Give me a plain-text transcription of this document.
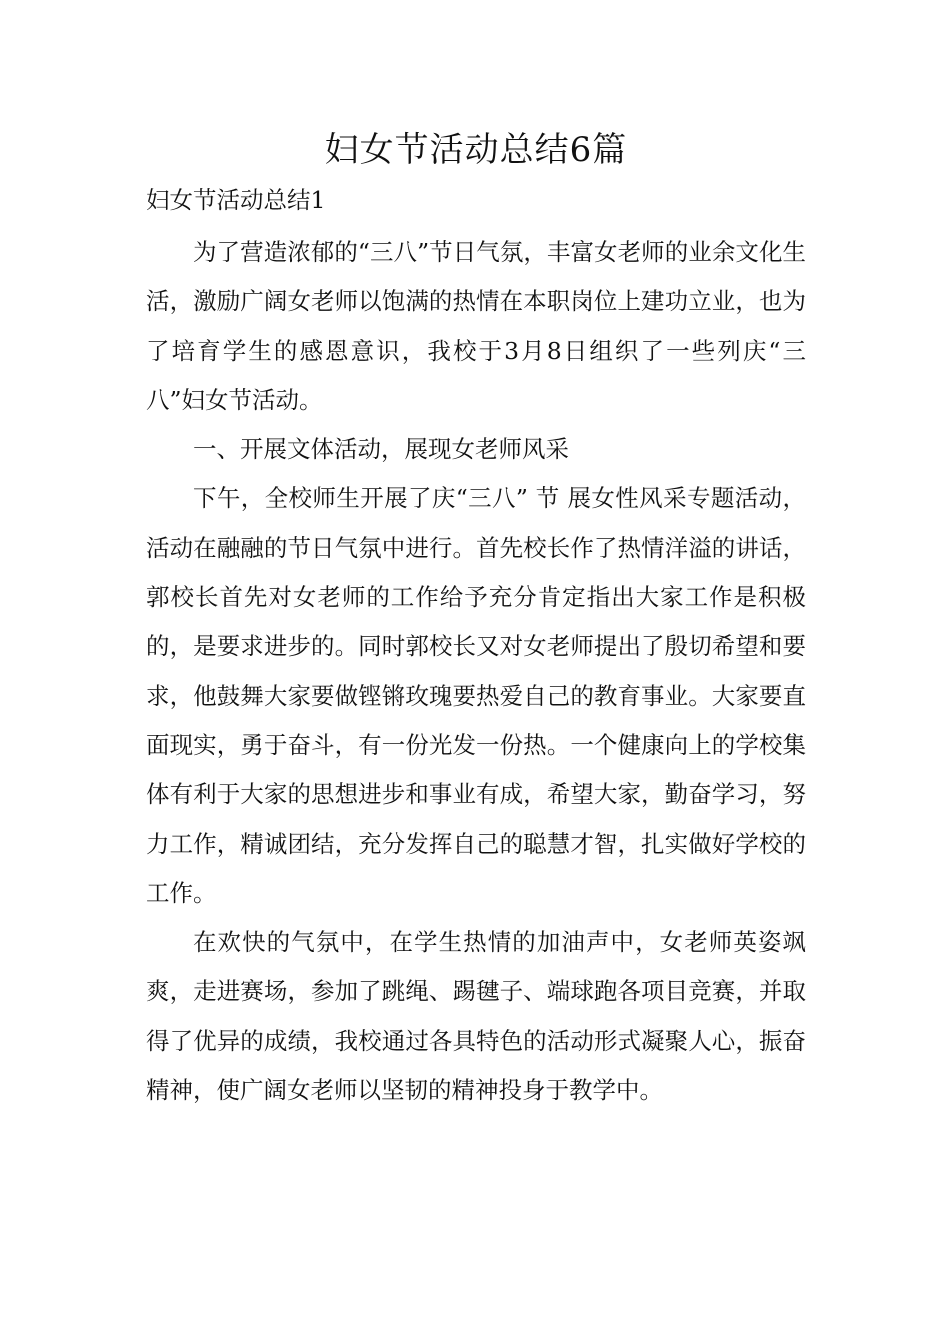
妇女节活动总结6篇
妇女节活动总结1

为了营造浓郁的“三八”节日气氛，丰富女老师的业余文化生活，激励广阔女老师以饱满的热情在本职岗位上建功立业，也为了培育学生的感恩意识，我校于3月8日组织了一些列庆“三八”妇女节活动。

一、开展文体活动，展现女老师风采

下午，全校师生开展了庆“三八” 节 展女性风采专题活动，活动在融融的节日气氛中进行。首先校长作了热情洋溢的讲话，郭校长首先对女老师的工作给予充分肯定指出大家工作是积极的，是要求进步的。同时郭校长又对女老师提出了殷切希望和要求，他鼓舞大家要做铿锵玫瑰要热爱自己的教育事业。大家要直面现实，勇于奋斗，有一份光发一份热。一个健康向上的学校集体有利于大家的思想进步和事业有成，希望大家，勤奋学习，努力工作，精诚团结，充分发挥自己的聪慧才智，扎实做好学校的工作。

在欢快的气氛中，在学生热情的加油声中，女老师英姿飒爽，走进赛场，参加了跳绳、踢毽子、端球跑各项目竞赛，并取得了优异的成绩，我校通过各具特色的活动形式凝聚人心，振奋精神，使广阔女老师以坚韧的精神投身于教学中。
